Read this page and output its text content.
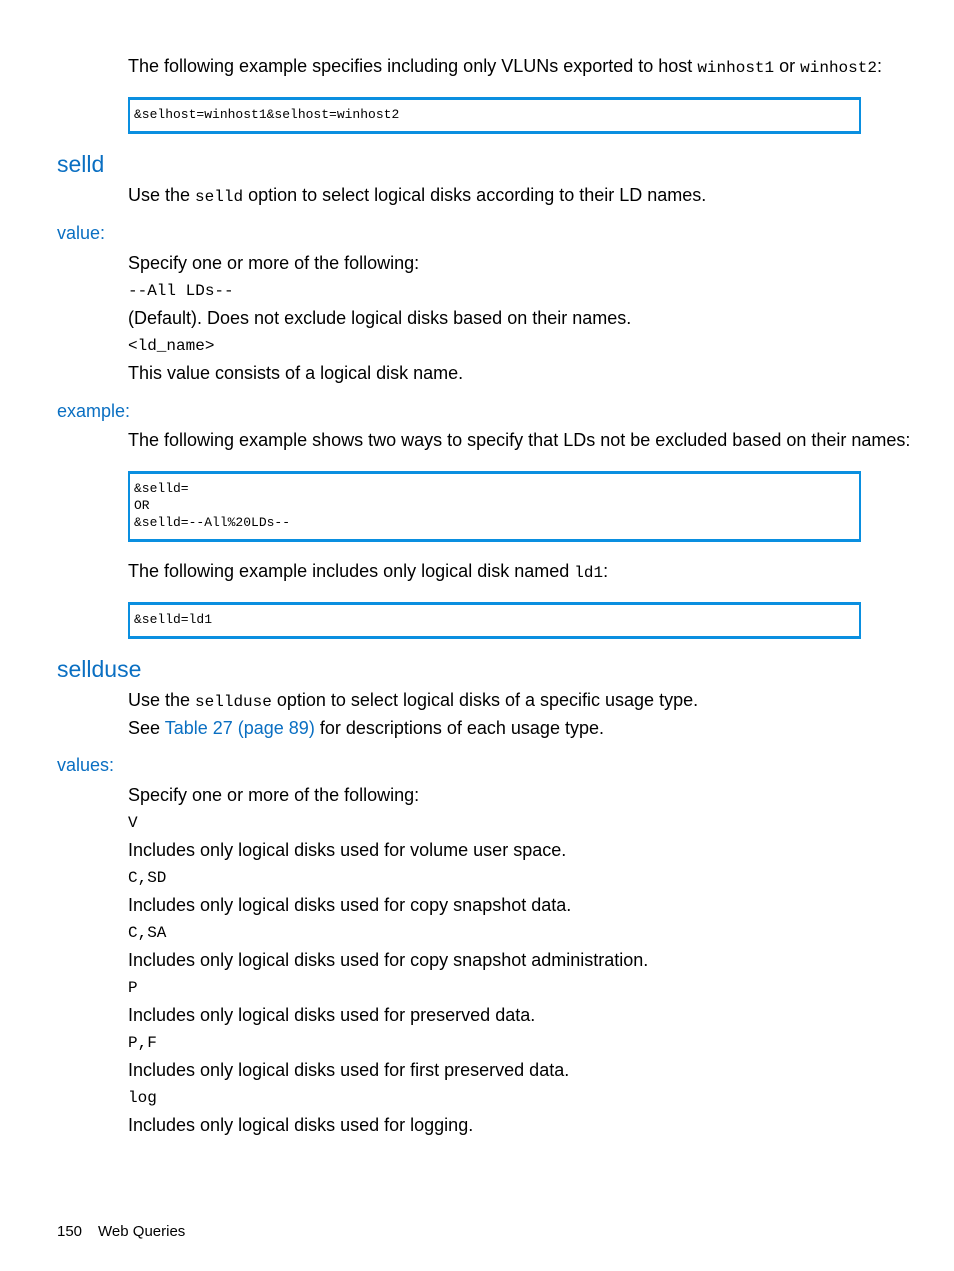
The following example specifies including only VLUNs exported to host winhost1 or winhost2:
&selhost=winhost1&selhost=winhost2
selld
Use the selld option to select logical disks according to their LD names.
value:
Specify one or more of the following:
--All LDs--
(Default). Does not exclude logical disks based on their names.
<ld_name>
This value consists of a logical disk name.
example:
The following example shows two ways to specify that LDs not be excluded based on their names:
&selld=
OR
&selld=--All%20LDs--
The following example includes only logical disk named ld1:
&selld=ld1
sellduse
Use the sellduse option to select logical disks of a specific usage type.
See Table 27 (page 89) for descriptions of each usage type.
values:
Specify one or more of the following:
V
Includes only logical disks used for volume user space.
C,SD
Includes only logical disks used for copy snapshot data.
C,SA
Includes only logical disks used for copy snapshot administration.
P
Includes only logical disks used for preserved data.
P,F
Includes only logical disks used for first preserved data.
log
Includes only logical disks used for logging.
150 Web Queries
